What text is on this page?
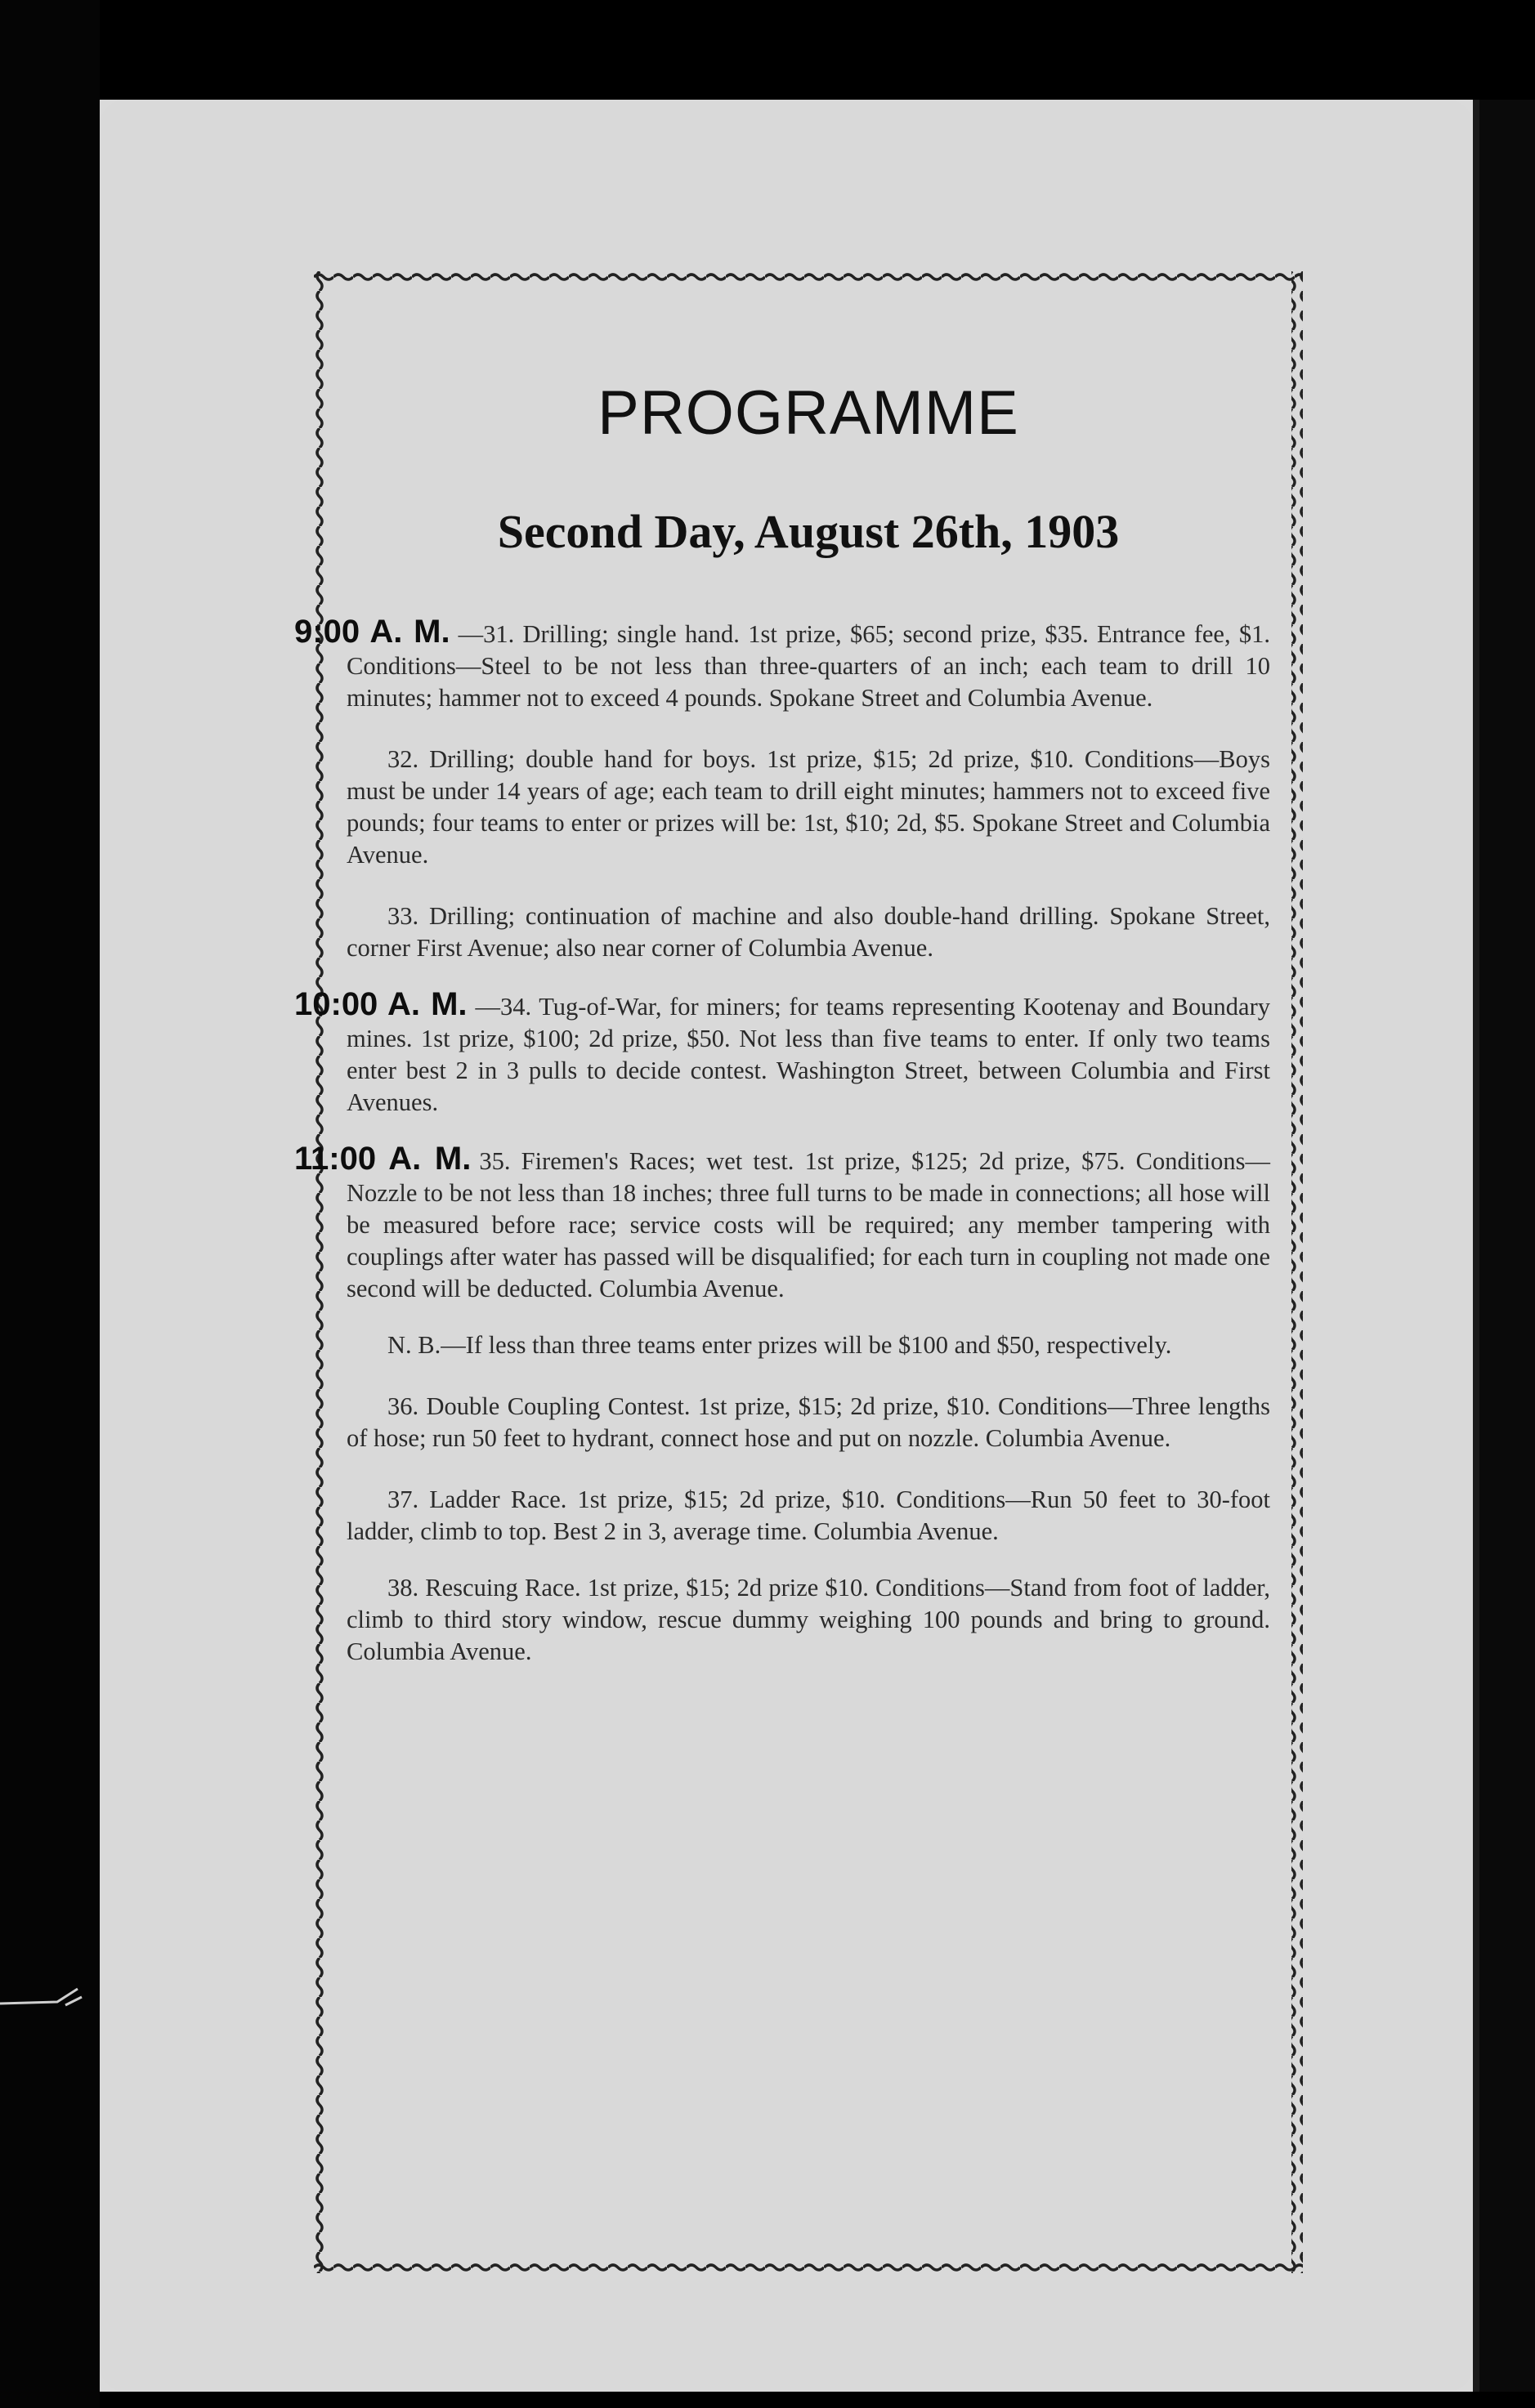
PROGRAMME
Second Day, August 26th, 1903

9:00 A. M. —31. Drilling; single hand. 1st prize, $65; second prize, $35. Entrance fee, $1. Conditions—Steel to be not less than three-quarters of an inch; each team to drill 10 minutes; hammer not to exceed 4 pounds. Spokane Street and Columbia Avenue.

32. Drilling; double hand for boys. 1st prize, $15; 2d prize, $10. Conditions—Boys must be under 14 years of age; each team to drill eight minutes; hammers not to exceed five pounds; four teams to enter or prizes will be: 1st, $10; 2d, $5. Spokane Street and Columbia Avenue.

33. Drilling; continuation of machine and also double-hand drilling. Spokane Street, corner First Avenue; also near corner of Columbia Avenue.

10:00 A. M. —34. Tug-of-War, for miners; for teams representing Kootenay and Boundary mines. 1st prize, $100; 2d prize, $50. Not less than five teams to enter. If only two teams enter best 2 in 3 pulls to decide contest. Washington Street, between Columbia and First Avenues.

11:00 A. M. 35. Firemen's Races; wet test. 1st prize, $125; 2d prize, $75. Conditions—Nozzle to be not less than 18 inches; three full turns to be made in connections; all hose will be measured before race; service costs will be required; any member tampering with couplings after water has passed will be disqualified; for each turn in coupling not made one second will be deducted. Columbia Avenue.

N. B.—If less than three teams enter prizes will be $100 and $50, respectively.

36. Double Coupling Contest. 1st prize, $15; 2d prize, $10. Conditions—Three lengths of hose; run 50 feet to hydrant, connect hose and put on nozzle. Columbia Avenue.

37. Ladder Race. 1st prize, $15; 2d prize, $10. Conditions—Run 50 feet to 30-foot ladder, climb to top. Best 2 in 3, average time. Columbia Avenue.

38. Rescuing Race. 1st prize, $15; 2d prize $10. Conditions—Stand from foot of ladder, climb to third story window, rescue dummy weighing 100 pounds and bring to ground. Columbia Avenue.
